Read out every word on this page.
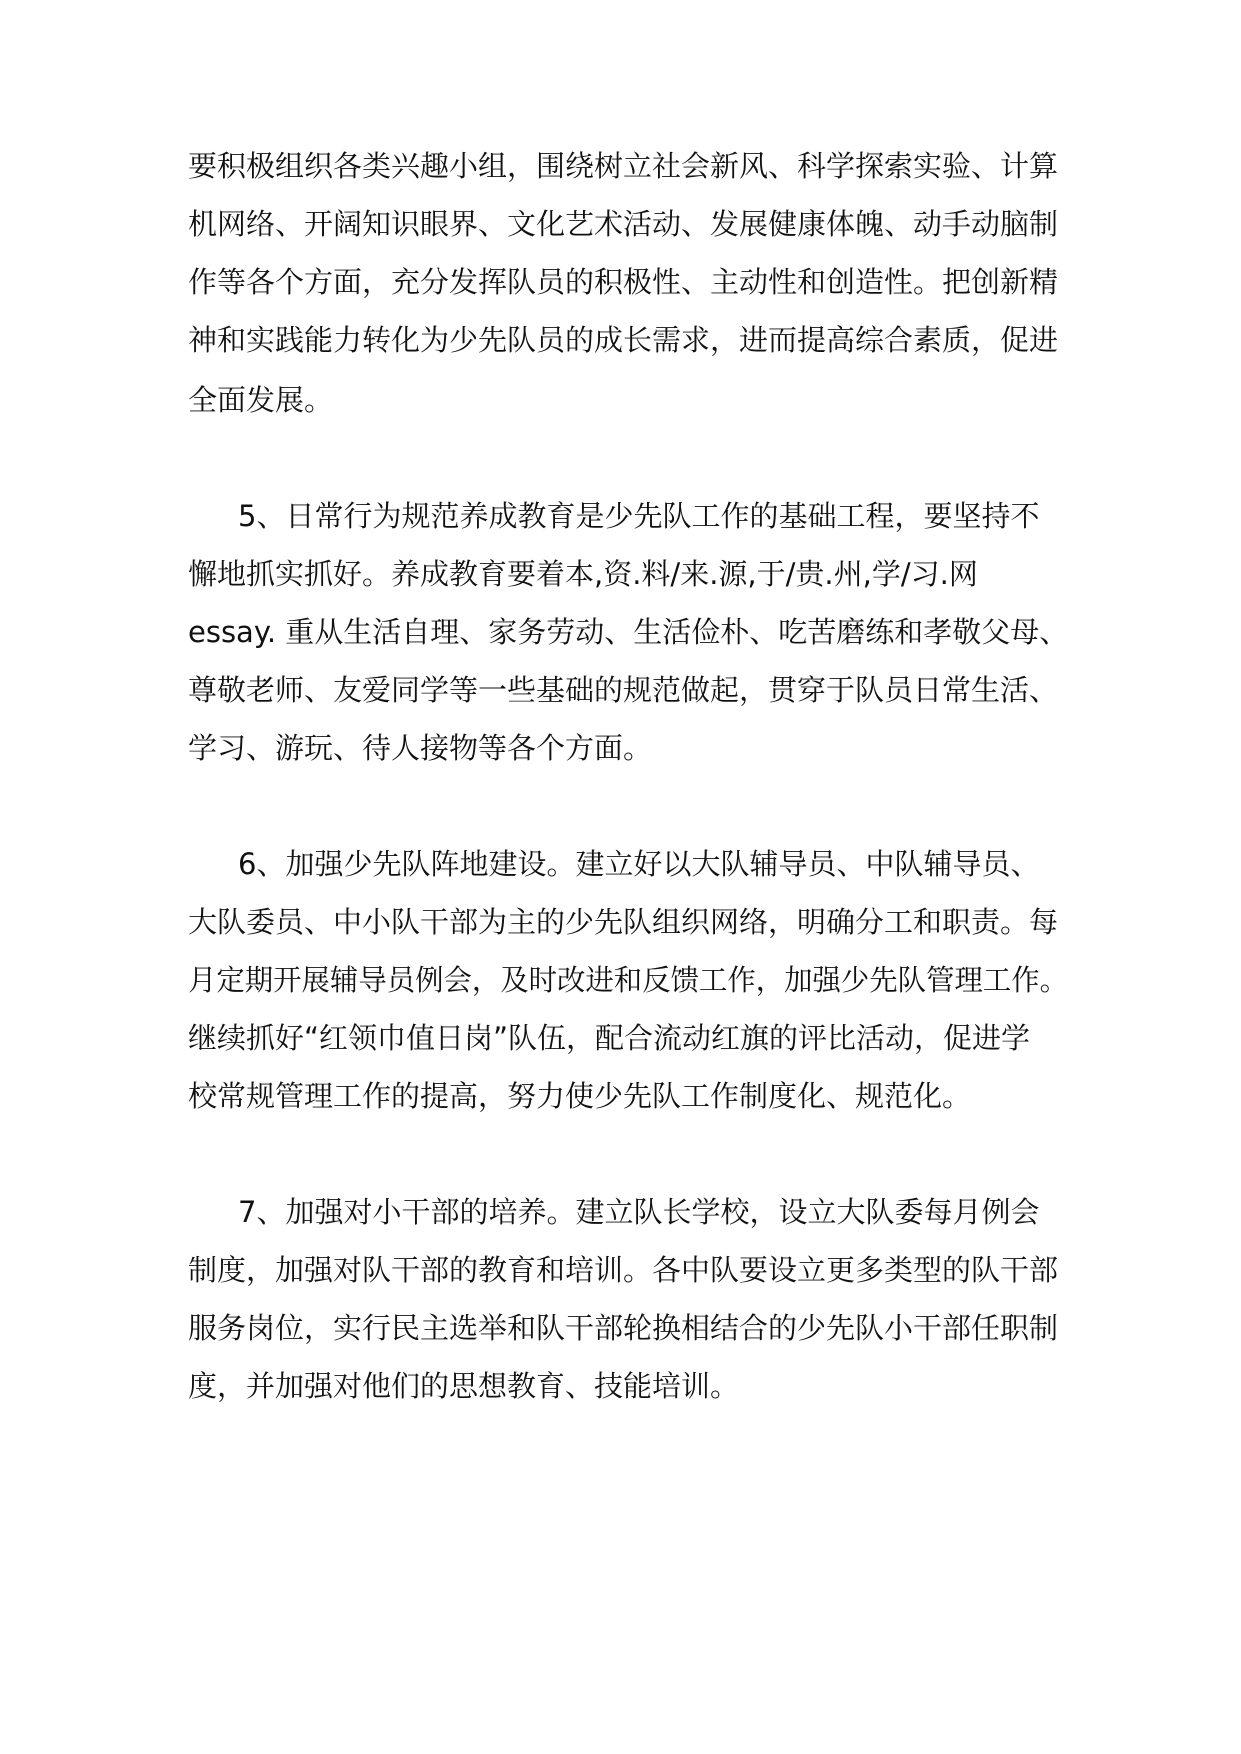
要积极组织各类兴趣小组，围绕树立社会新风、科学探索实验、计算
机网络、开阔知识眼界、文化艺术活动、发展健康体魄、动手动脑制
作等各个方面，充分发挥队员的积极性、主动性和创造性。把创新精
神和实践能力转化为少先队员的成长需求，进而提高综合素质，促进
全面发展。
5、日常行为规范养成教育是少先队工作的基础工程，要坚持不
懈地抓实抓好。养成教育要着本,资.料/来.源,于/贵.州,学/习.网
essay. 重从生活自理、家务劳动、生活俭朴、吃苦磨练和孝敬父母、
尊敬老师、友爱同学等一些基础的规范做起，贯穿于队员日常生活、
学习、游玩、待人接物等各个方面。
6、加强少先队阵地建设。建立好以大队辅导员、中队辅导员、
大队委员、中小队干部为主的少先队组织网络，明确分工和职责。每
月定期开展辅导员例会，及时改进和反馈工作，加强少先队管理工作。
继续抓好“红领巾值日岗”队伍，配合流动红旗的评比活动，促进学
校常规管理工作的提高，努力使少先队工作制度化、规范化。
7、加强对小干部的培养。建立队长学校，设立大队委每月例会
制度，加强对队干部的教育和培训。各中队要设立更多类型的队干部
服务岗位，实行民主选举和队干部轮换相结合的少先队小干部任职制
度，并加强对他们的思想教育、技能培训。
